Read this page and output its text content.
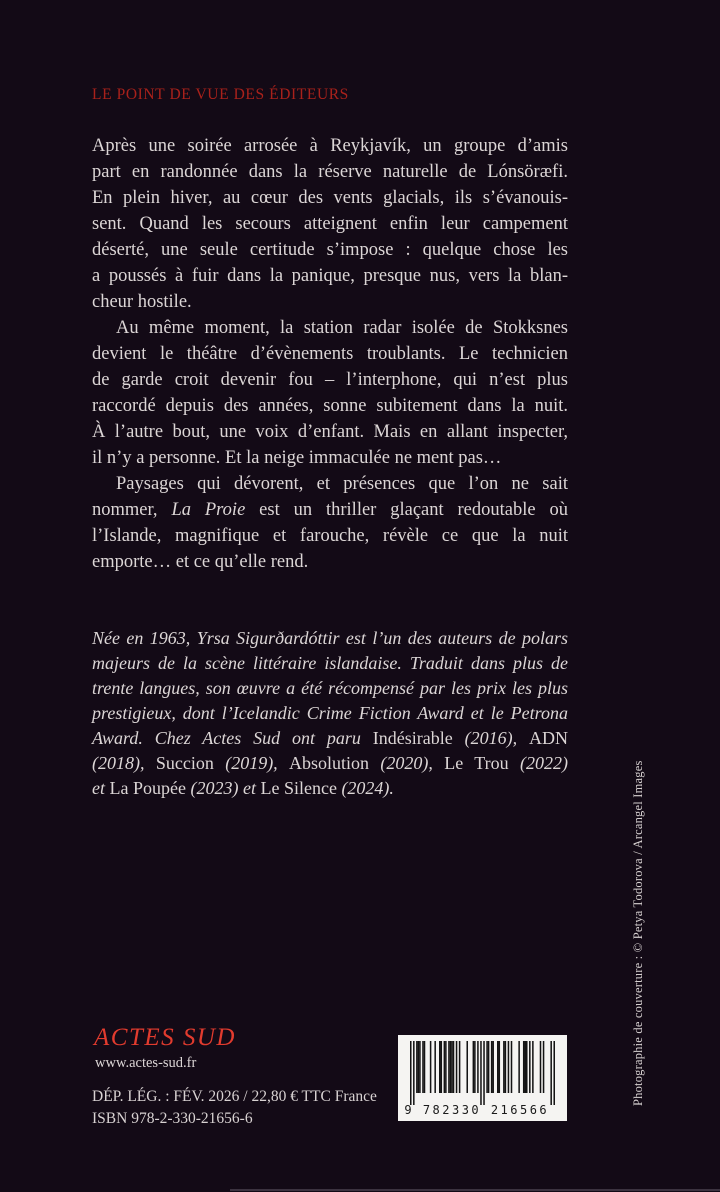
LE POINT DE VUE DES ÉDITEURS
Après une soirée arrosée à Reykjavík, un groupe d’amis
part en randonnée dans la réserve naturelle de Lónsöræfi.
En plein hiver, au cœur des vents glacials, ils s’évanouis-
sent. Quand les secours atteignent enfin leur campement
déserté, une seule certitude s’impose : quelque chose les
a poussés à fuir dans la panique, presque nus, vers la blan-
cheur hostile.
Au même moment, la station radar isolée de Stokksnes
devient le théâtre d’évènements troublants. Le technicien
de garde croit devenir fou – l’interphone, qui n’est plus
raccordé depuis des années, sonne subitement dans la nuit.
À l’autre bout, une voix d’enfant. Mais en allant inspecter,
il n’y a personne. Et la neige immaculée ne ment pas…
Paysages qui dévorent, et présences que l’on ne sait
nommer, La Proie est un thriller glaçant redoutable où
l’Islande, magnifique et farouche, révèle ce que la nuit
emporte… et ce qu’elle rend.
Née en 1963, Yrsa Sigurðardóttir est l’un des auteurs de polars
majeurs de la scène littéraire islandaise. Traduit dans plus de
trente langues, son œuvre a été récompensé par les prix les plus
prestigieux, dont l’Icelandic Crime Fiction Award et le Petrona
Award. Chez Actes Sud ont paru Indésirable (2016), ADN
(2018), Succion (2019), Absolution (2020), Le Trou (2022)
et La Poupée (2023) et Le Silence (2024).
ACTES SUD
www.actes-sud.fr
DÉP. LÉG. : FÉV. 2026 / 22,80 € TTC France
ISBN 978-2-330-21656-6	9 782330 216566
Photographie de couverture : © Petya Todorova / Arcangel Images
